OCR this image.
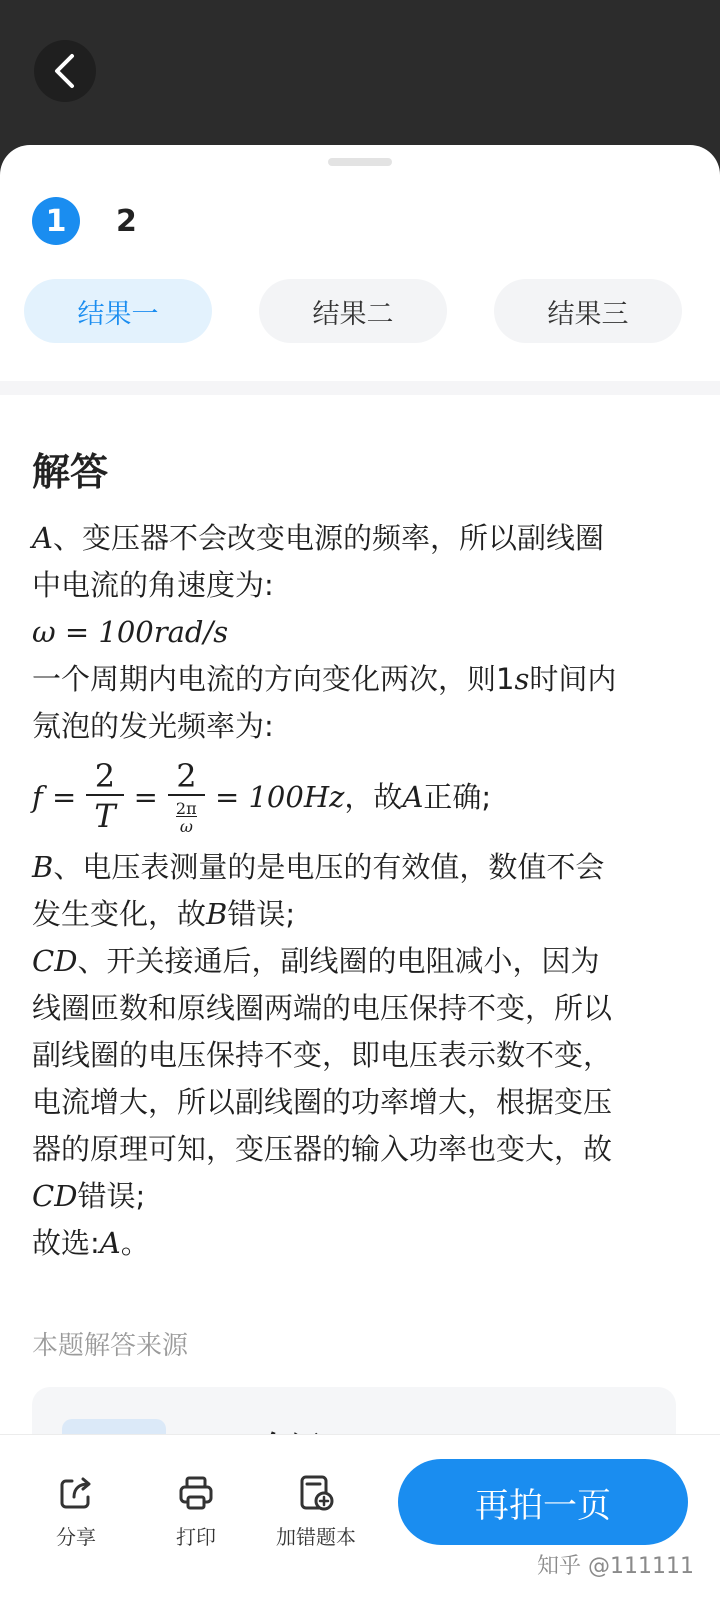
1	2
结果一	结果二	结果三
解答
A、变压器不会改变电源的频率，所以副线圈
中电流的角速度为:
ω = 100rad/s
一个周期内电流的方向变化两次，则1s时间内
氖泡的发光频率为:
$f = \frac{2}{T}$ =
2
$\frac{2\pi}{\omega}$
= 100Hz ，故 A 正确;
B、电压表测量的是电压的有效值，数值不会
发生变化，故B错误;
CD、开关接通后，副线圈的电阻减小，因为
线圈匝数和原线圈两端的电压保持不变，所以
副线圈的电压保持不变，即电压表示数不变，
电流增大，所以副线圈的功率增大，根据变压
器的原理可知，变压器的输入功率也变大，故
CD错误;
故选:A。
本题解答来源
分享	打印	加错题本
再拍一页
知乎 @111111
